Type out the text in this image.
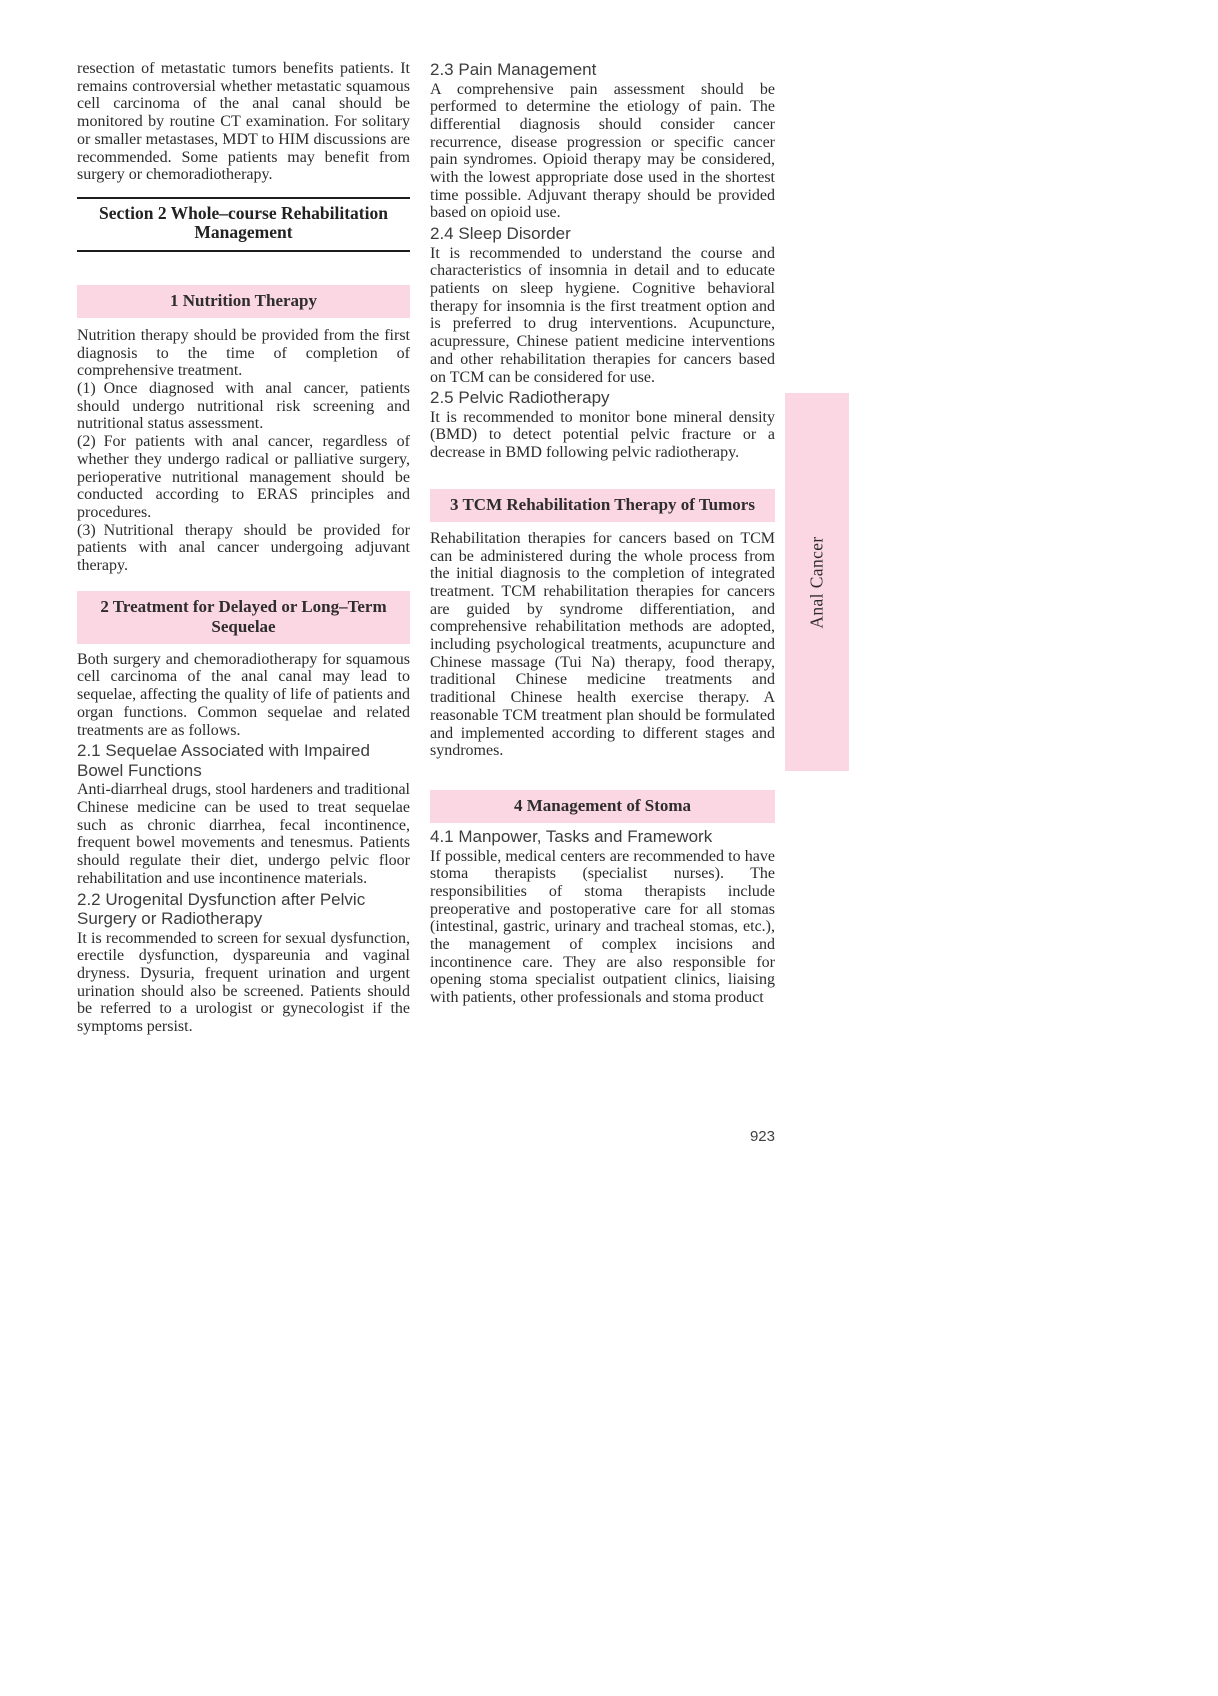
resection of metastatic tumors benefits patients. It remains controversial whether metastatic squamous cell carcinoma of the anal canal should be monitored by routine CT examination. For solitary or smaller metastases, MDT to HIM discussions are recommended. Some patients may benefit from surgery or chemoradiotherapy.

Section 2 Whole–course Rehabilitation Management
1 Nutrition Therapy

Nutrition therapy should be provided from the first diagnosis to the time of completion of comprehensive treatment.

(1) Once diagnosed with anal cancer, patients should undergo nutritional risk screening and nutritional status assessment.

(2) For patients with anal cancer, regardless of whether they undergo radical or palliative surgery, perioperative nutritional management should be conducted according to ERAS principles and procedures.

(3) Nutritional therapy should be provided for patients with anal cancer undergoing adjuvant therapy.

2 Treatment for Delayed or Long–Term Sequelae

Both surgery and chemoradiotherapy for squamous cell carcinoma of the anal canal may lead to sequelae, affecting the quality of life of patients and organ functions. Common sequelae and related treatments are as follows.

2.1 Sequelae Associated with Impaired Bowel Functions

Anti-diarrheal drugs, stool hardeners and traditional Chinese medicine can be used to treat sequelae such as chronic diarrhea, fecal incontinence, frequent bowel movements and tenesmus. Patients should regulate their diet, undergo pelvic floor rehabilitation and use incontinence materials.

2.2 Urogenital Dysfunction after Pelvic Surgery or Radiotherapy

It is recommended to screen for sexual dysfunction, erectile dysfunction, dyspareunia and vaginal dryness. Dysuria, frequent urination and urgent urination should also be screened. Patients should be referred to a urologist or gynecologist if the symptoms persist.

2.3 Pain Management

A comprehensive pain assessment should be performed to determine the etiology of pain. The differential diagnosis should consider cancer recurrence, disease progression or specific cancer pain syndromes. Opioid therapy may be considered, with the lowest appropriate dose used in the shortest time possible. Adjuvant therapy should be provided based on opioid use.

2.4 Sleep Disorder

It is recommended to understand the course and characteristics of insomnia in detail and to educate patients on sleep hygiene. Cognitive behavioral therapy for insomnia is the first treatment option and is preferred to drug interventions. Acupuncture, acupressure, Chinese patient medicine interventions and other rehabilitation therapies for cancers based on TCM can be considered for use.

2.5 Pelvic Radiotherapy

It is recommended to monitor bone mineral density (BMD) to detect potential pelvic fracture or a decrease in BMD following pelvic radiotherapy.

3 TCM Rehabilitation Therapy of Tumors

Rehabilitation therapies for cancers based on TCM can be administered during the whole process from the initial diagnosis to the completion of integrated treatment. TCM rehabilitation therapies for cancers are guided by syndrome differentiation, and comprehensive rehabilitation methods are adopted, including psychological treatments, acupuncture and Chinese massage (Tui Na) therapy, food therapy, traditional Chinese medicine treatments and traditional Chinese health exercise therapy. A reasonable TCM treatment plan should be formulated and implemented according to different stages and syndromes.

4 Management of Stoma
4.1 Manpower, Tasks and Framework

If possible, medical centers are recommended to have stoma therapists (specialist nurses). The responsibilities of stoma therapists include preoperative and postoperative care for all stomas (intestinal, gastric, urinary and tracheal stomas, etc.), the management of complex incisions and incontinence care. They are also responsible for opening stoma specialist outpatient clinics, liaising with patients, other professionals and stoma product

Anal Cancer
923
